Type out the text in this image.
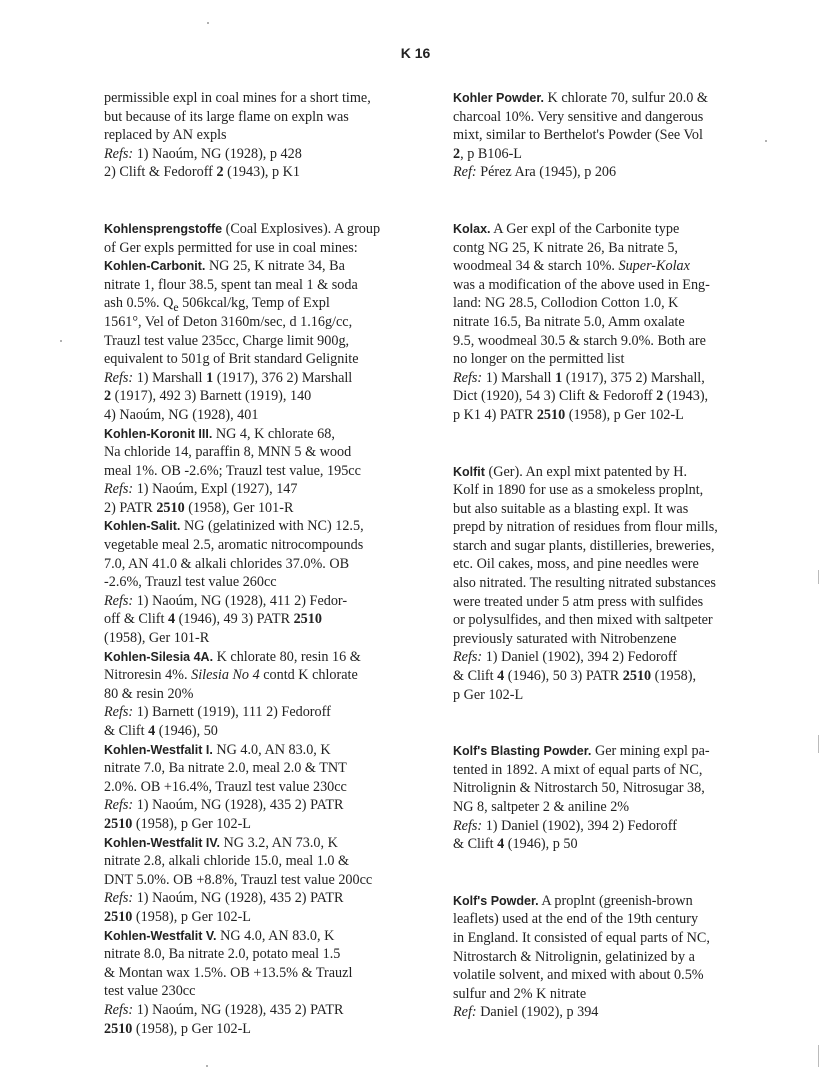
K 16
permissible expl in coal mines for a short time,
but because of its large flame on expln was
replaced by AN expls
Refs: 1) Naoúm, NG (1928), p 428
2) Clift & Fedoroff 2 (1943), p K1
Kohlensprengstoffe (Coal Explosives). A group
of Ger expls permitted for use in coal mines:
Kohlen-Carbonit. NG 25, K nitrate 34, Ba
nitrate 1, flour 38.5, spent tan meal 1 & soda
ash 0.5%. $Q_e$ 506kcal/kg, Temp of Expl
1561°, Vel of Deton 3160m/sec, d 1.16g/cc,
Trauzl test value 235cc, Charge limit 900g,
equivalent to 501g of Brit standard Gelignite
Refs: 1) Marshall 1 (1917), 376 2) Marshall
2 (1917), 492 3) Barnett (1919), 140
4) Naoúm, NG (1928), 401
Kohlen-Koronit III. NG 4, K chlorate 68,
Na chloride 14, paraffin 8, MNN 5 & wood
meal 1%. OB -2.6%; Trauzl test value, 195cc
Refs: 1) Naoúm, Expl (1927), 147
2) PATR 2510 (1958), Ger 101-R
Kohlen-Salit. NG (gelatinized with NC) 12.5,
vegetable meal 2.5, aromatic nitrocompounds
7.0, AN 41.0 & alkali chlorides 37.0%. OB
-2.6%, Trauzl test value 260cc
Refs: 1) Naoúm, NG (1928), 411 2) Fedor-
off & Clift 4 (1946), 49 3) PATR 2510
(1958), Ger 101-R
Kohlen-Silesia 4A. K chlorate 80, resin 16 &
Nitroresin 4%. Silesia No 4 contd K chlorate
80 & resin 20%
Refs: 1) Barnett (1919), 111 2) Fedoroff
& Clift 4 (1946), 50
Kohlen-Westfalit I. NG 4.0, AN 83.0, K
nitrate 7.0, Ba nitrate 2.0, meal 2.0 & TNT
2.0%. OB +16.4%, Trauzl test value 230cc
Refs: 1) Naoúm, NG (1928), 435 2) PATR
2510 (1958), p Ger 102-L
Kohlen-Westfalit IV. NG 3.2, AN 73.0, K
nitrate 2.8, alkali chloride 15.0, meal 1.0 &
DNT 5.0%. OB +8.8%, Trauzl test value 200cc
Refs: 1) Naoúm, NG (1928), 435 2) PATR
2510 (1958), p Ger 102-L
Kohlen-Westfalit V. NG 4.0, AN 83.0, K
nitrate 8.0, Ba nitrate 2.0, potato meal 1.5
& Montan wax 1.5%. OB +13.5% & Trauzl
test value 230cc
Refs: 1) Naoúm, NG (1928), 435 2) PATR
2510 (1958), p Ger 102-L
Kohler Powder. K chlorate 70, sulfur 20.0 &
charcoal 10%. Very sensitive and dangerous
mixt, similar to Berthelot's Powder (See Vol
2, p B106-L
Ref: Pérez Ara (1945), p 206
Kolax. A Ger expl of the Carbonite type
contg NG 25, K nitrate 26, Ba nitrate 5,
woodmeal 34 & starch 10%. Super-Kolax
was a modification of the above used in Eng-
land: NG 28.5, Collodion Cotton 1.0, K
nitrate 16.5, Ba nitrate 5.0, Amm oxalate
9.5, woodmeal 30.5 & starch 9.0%. Both are
no longer on the permitted list
Refs: 1) Marshall 1 (1917), 375 2) Marshall,
Dict (1920), 54 3) Clift & Fedoroff 2 (1943),
p K1 4) PATR 2510 (1958), p Ger 102-L
Kolfit (Ger). An expl mixt patented by H.
Kolf in 1890 for use as a smokeless proplnt,
but also suitable as a blasting expl. It was
prepd by nitration of residues from flour mills,
starch and sugar plants, distilleries, breweries,
etc. Oil cakes, moss, and pine needles were
also nitrated. The resulting nitrated substances
were treated under 5 atm press with sulfides
or polysulfides, and then mixed with saltpeter
previously saturated with Nitrobenzene
Refs: 1) Daniel (1902), 394 2) Fedoroff
& Clift 4 (1946), 50 3) PATR 2510 (1958),
p Ger 102-L
Kolf's Blasting Powder. Ger mining expl pa-
tented in 1892. A mixt of equal parts of NC,
Nitrolignin & Nitrostarch 50, Nitrosugar 38,
NG 8, saltpeter 2 & aniline 2%
Refs: 1) Daniel (1902), 394 2) Fedoroff
& Clift 4 (1946), p 50
Kolf's Powder. A proplnt (greenish-brown
leaflets) used at the end of the 19th century
in England. It consisted of equal parts of NC,
Nitrostarch & Nitrolignin, gelatinized by a
volatile solvent, and mixed with about 0.5%
sulfur and 2% K nitrate
Ref: Daniel (1902), p 394
